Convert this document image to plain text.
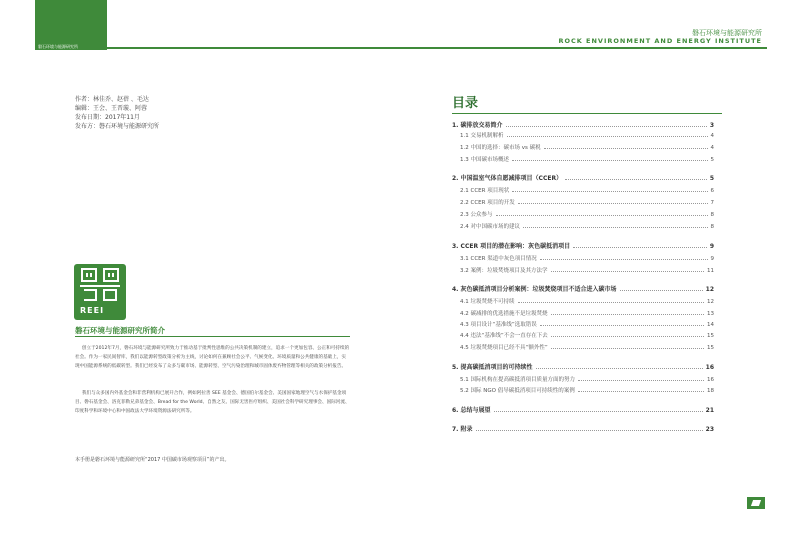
磐石环境与能源研究所
磐石环境与能源研究所
ROCK ENVIRONMENT AND ENERGY INSTITUTE
作者：林佳乔、赵蓓 、毛达
编辑：王会、王晋璇、阿蓉
发布日期：2017年11月
发布方：磐石环境与能源研究所
REEI
磐石环境与能源研究所简介
创立于2012年7月，磐石环境与能源研究所致力于推动基于批判性思维的公共决策机制的建立，追求一个更加包容、公正和可持续的社会。作为一家民间智库，我们以能源转型政策分析为主线，讨论如何在兼顾社会公平、气候变化、环境质量和公共健康的基础上，实现中国能源系统的低碳转型。我们已经发布了众多与碳市场、能源转型、空气污染治理和城市固体废弃物管理等相关的政策分析报告。
我们与众多国内外基金会和非营利机构已展开合作，例如阿拉善 SEE 基金会、德国伯尔基金会、美国国家地理空气与水保护基金项目、磐石基金会、洛克菲勒兄弟基金会、Bread for the World、自然之友、国际无害医疗组织、美国社会科学研究理事会、国际河流、印度科学和环境中心和中国政法大学环境资源法研究所等。
本手册是磐石环境与能源研究所“2017 中国碳市场观察项目”的产出。
目录
1. 碳排放交易简介	3
1.1 交易机制解析	4
1.2 中国的选择：碳市场 vs 碳税	4
1.3 中国碳市场概述	5
2. 中国温室气体自愿减排项目（CCER）	5
2.1 CCER 项目现状	6
2.2 CCER 项目的开发	7
2.3 公众参与	8
2.4 对中国碳市场的建议	8
3. CCER 项目的潜在影响：灰色碳抵消项目	9
3.1 CCER 渠道中灰色项目情况	9
3.2 案例：垃圾焚烧项目及其方法学	11
4. 灰色碳抵消项目分析案例：垃圾焚烧项目不适合进入碳市场	12
4.1 垃圾焚烧不可持续	12
4.2 碳减排的优选措施不是垃圾焚烧	13
4.3 项目设计“基准线”选取错误	14
4.4 违法“基准线”不会一直存在下去	15
4.5 垃圾焚烧项目已经不具“额外性”	15
5. 提高碳抵消项目的可持续性	16
5.1 国际机构在提高碳抵消项目质量方面的努力	16
5.2 国际 NGO 倡导碳抵消项目可持续性的案例	18
6. 总结与展望	21
7. 附录	23
